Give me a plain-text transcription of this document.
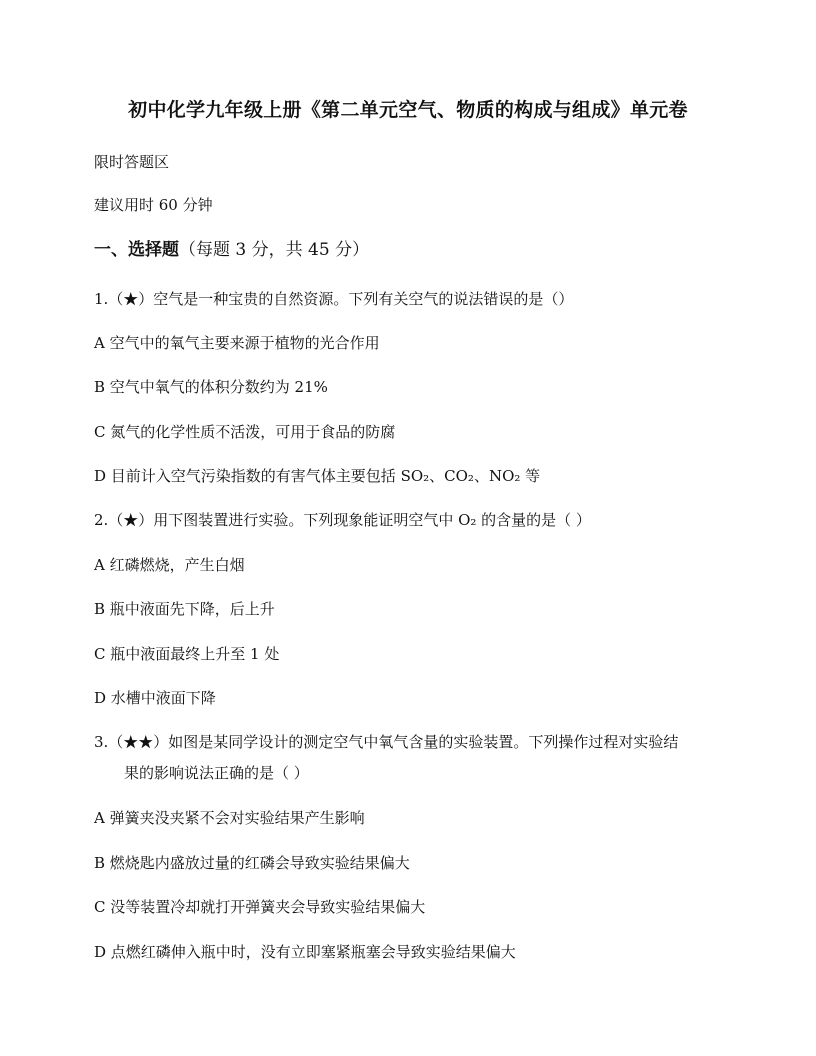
初中化学九年级上册《第二单元空气、物质的构成与组成》单元卷
限时答题区
建议用时 60 分钟
一、选择题（每题 3 分，共 45 分）
1.（★）空气是一种宝贵的自然资源。下列有关空气的说法错误的是（）
A 空气中的氧气主要来源于植物的光合作用
B 空气中氧气的体积分数约为 21%
C 氮气的化学性质不活泼，可用于食品的防腐
D 目前计入空气污染指数的有害气体主要包括 SO₂、CO₂、NO₂ 等
2.（★）用下图装置进行实验。下列现象能证明空气中 O₂ 的含量的是（ ）
A 红磷燃烧，产生白烟
B 瓶中液面先下降，后上升
C 瓶中液面最终上升至 1 处
D 水槽中液面下降
3.（★★）如图是某同学设计的测定空气中氧气含量的实验装置。下列操作过程对实验结
果的影响说法正确的是（ ）
A 弹簧夹没夹紧不会对实验结果产生影响
B 燃烧匙内盛放过量的红磷会导致实验结果偏大
C 没等装置冷却就打开弹簧夹会导致实验结果偏大
D 点燃红磷伸入瓶中时，没有立即塞紧瓶塞会导致实验结果偏大
